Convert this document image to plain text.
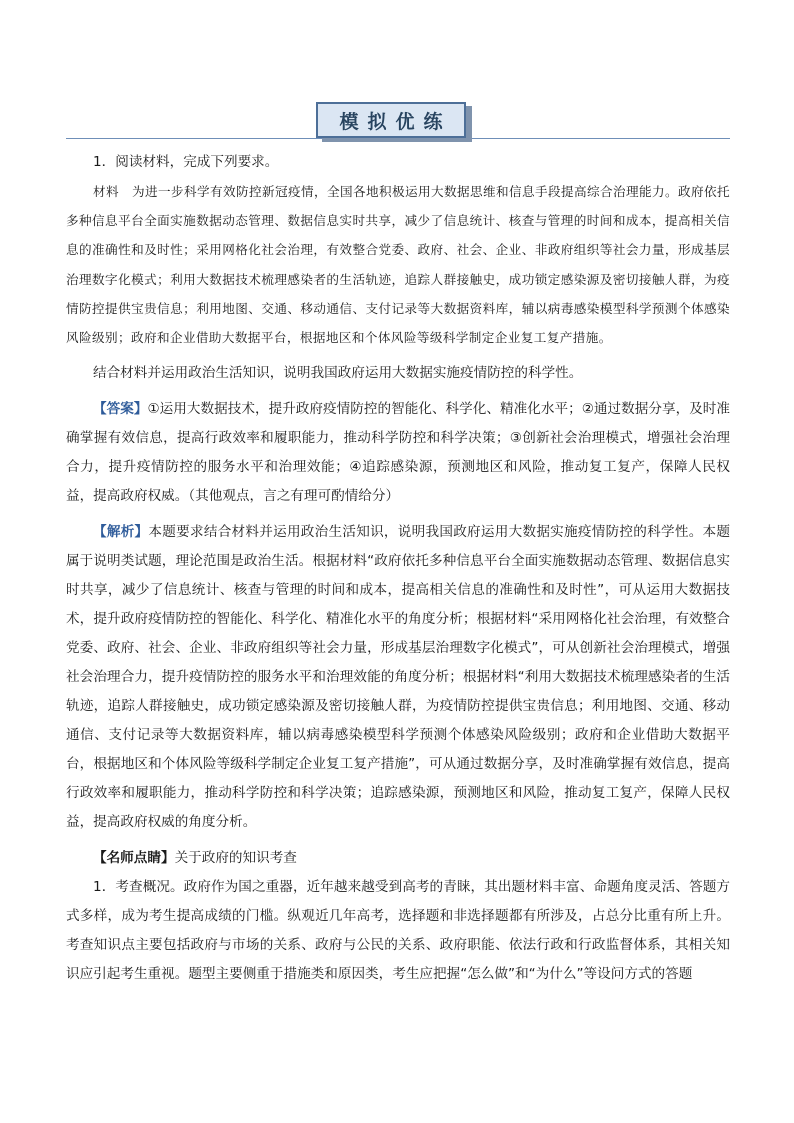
模拟优练

1．阅读材料，完成下列要求。

材料  为进一步科学有效防控新冠疫情，全国各地积极运用大数据思维和信息手段提高综合治理能力。政府依托多种信息平台全面实施数据动态管理、数据信息实时共享，减少了信息统计、核查与管理的时间和成本，提高相关信息的准确性和及时性；采用网格化社会治理，有效整合党委、政府、社会、企业、非政府组织等社会力量，形成基层治理数字化模式；利用大数据技术梳理感染者的生活轨迹，追踪人群接触史，成功锁定感染源及密切接触人群，为疫情防控提供宝贵信息；利用地图、交通、移动通信、支付记录等大数据资料库，辅以病毒感染模型科学预测个体感染风险级别；政府和企业借助大数据平台，根据地区和个体风险等级科学制定企业复工复产措施。

结合材料并运用政治生活知识，说明我国政府运用大数据实施疫情防控的科学性。

【答案】①运用大数据技术，提升政府疫情防控的智能化、科学化、精准化水平；②通过数据分享，及时准确掌握有效信息，提高行政效率和履职能力，推动科学防控和科学决策；③创新社会治理模式，增强社会治理合力，提升疫情防控的服务水平和治理效能；④追踪感染源，预测地区和风险，推动复工复产，保障人民权益，提高政府权威。（其他观点，言之有理可酌情给分）

【解析】本题要求结合材料并运用政治生活知识，说明我国政府运用大数据实施疫情防控的科学性。本题属于说明类试题，理论范围是政治生活。根据材料“政府依托多种信息平台全面实施数据动态管理、数据信息实时共享，减少了信息统计、核查与管理的时间和成本，提高相关信息的准确性和及时性”，可从运用大数据技术，提升政府疫情防控的智能化、科学化、精准化水平的角度分析；根据材料“采用网格化社会治理，有效整合党委、政府、社会、企业、非政府组织等社会力量，形成基层治理数字化模式”，可从创新社会治理模式，增强社会治理合力，提升疫情防控的服务水平和治理效能的角度分析；根据材料“利用大数据技术梳理感染者的生活轨迹，追踪人群接触史，成功锁定感染源及密切接触人群，为疫情防控提供宝贵信息；利用地图、交通、移动通信、支付记录等大数据资料库，辅以病毒感染模型科学预测个体感染风险级别；政府和企业借助大数据平台，根据地区和个体风险等级科学制定企业复工复产措施”，可从通过数据分享，及时准确掌握有效信息，提高行政效率和履职能力，推动科学防控和科学决策；追踪感染源，预测地区和风险，推动复工复产，保障人民权益，提高政府权威的角度分析。

【名师点睛】关于政府的知识考查

1．考查概况。政府作为国之重器，近年越来越受到高考的青睐，其出题材料丰富、命题角度灵活、答题方式多样，成为考生提高成绩的门槛。纵观近几年高考，选择题和非选择题都有所涉及，占总分比重有所上升。考查知识点主要包括政府与市场的关系、政府与公民的关系、政府职能、依法行政和行政监督体系，其相关知识应引起考生重视。题型主要侧重于措施类和原因类，考生应把握“怎么做”和“为什么”等设问方式的答题
